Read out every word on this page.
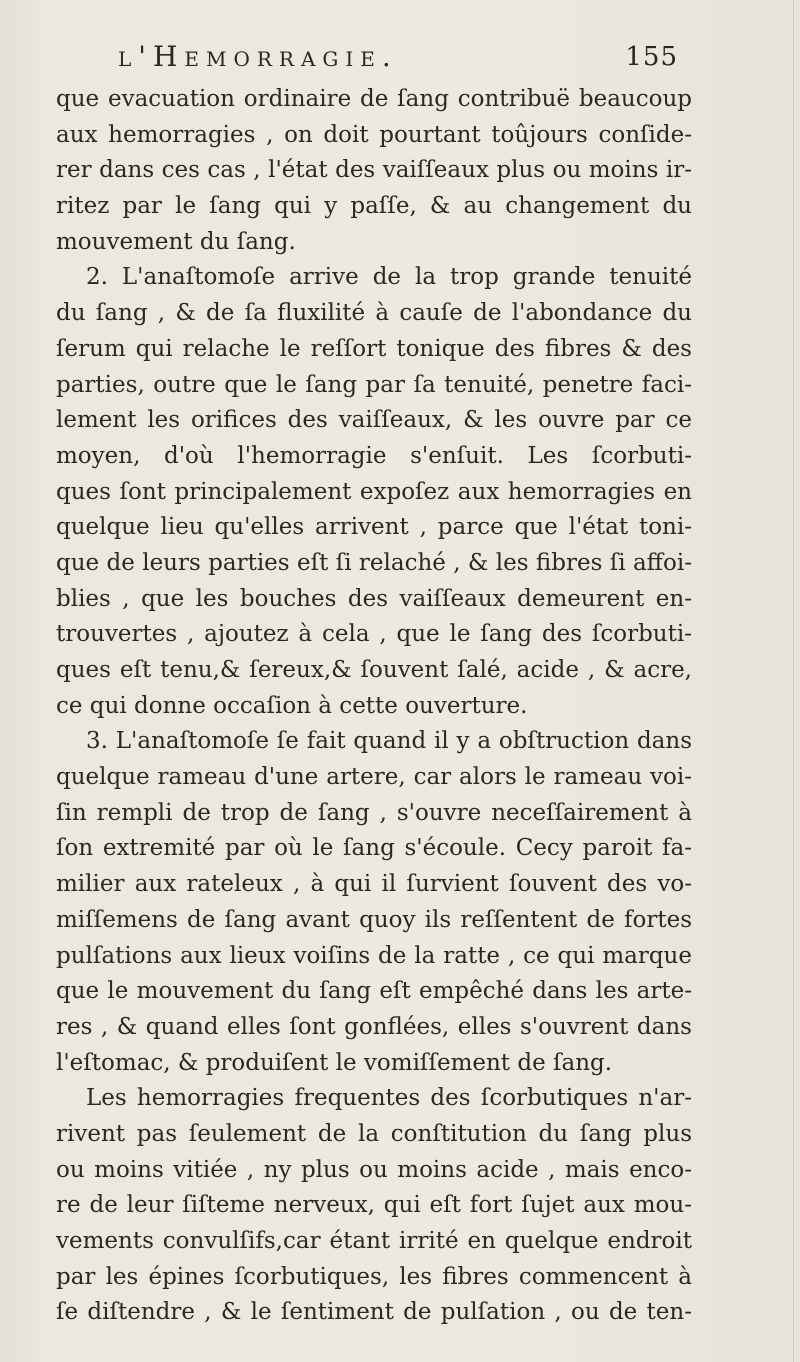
l'Hemorragie.	155
que evacuation ordinaire de ſang contribuë beaucoup
aux hemorragies , on doit pourtant toûjours conſide-
rer dans ces cas , l'état des vaiſſeaux plus ou moins ir-
ritez par le ſang qui y paſſe, & au changement du
mouvement du ſang.
2. L'anaſtomoſe arrive de la trop grande tenuité
du ſang , & de ſa fluxilité à cauſe de l'abondance du
ſerum qui relache le reſſort tonique des fibres & des
parties, outre que le ſang par ſa tenuité, penetre faci-
lement les orifices des vaiſſeaux, & les ouvre par ce
moyen, d'où l'hemorragie s'enſuit. Les ſcorbuti-
ques ſont principalement expoſez aux hemorragies en
quelque lieu qu'elles arrivent , parce que l'état toni-
que de leurs parties eſt ſi relaché , & les fibres ſi affoi-
blies , que les bouches des vaiſſeaux demeurent en-
trouvertes , ajoutez à cela , que le ſang des ſcorbuti-
ques eſt tenu,& ſereux,& ſouvent ſalé, acide , & acre,
ce qui donne occaſion à cette ouverture.
3. L'anaſtomoſe ſe fait quand il y a obſtruction dans
quelque rameau d'une artere, car alors le rameau voi-
ſin rempli de trop de ſang , s'ouvre neceſſairement à
ſon extremité par où le ſang s'écoule. Cecy paroit fa-
milier aux rateleux , à qui il ſurvient ſouvent des vo-
miſſemens de ſang avant quoy ils reſſentent de fortes
pulſations aux lieux voiſins de la ratte , ce qui marque
que le mouvement du ſang eſt empêché dans les arte-
res , & quand elles ſont gonflées, elles s'ouvrent dans
l'eſtomac, & produiſent le vomiſſement de ſang.
Les hemorragies frequentes des ſcorbutiques n'ar-
rivent pas ſeulement de la conſtitution du ſang plus
ou moins vitiée , ny plus ou moins acide , mais enco-
re de leur ſiſteme nerveux, qui eſt fort ſujet aux mou-
vements convulſifs,car étant irrité en quelque endroit
par les épines ſcorbutiques, les fibres commencent à
ſe diſtendre , & le ſentiment de pulſation , ou de ten-
